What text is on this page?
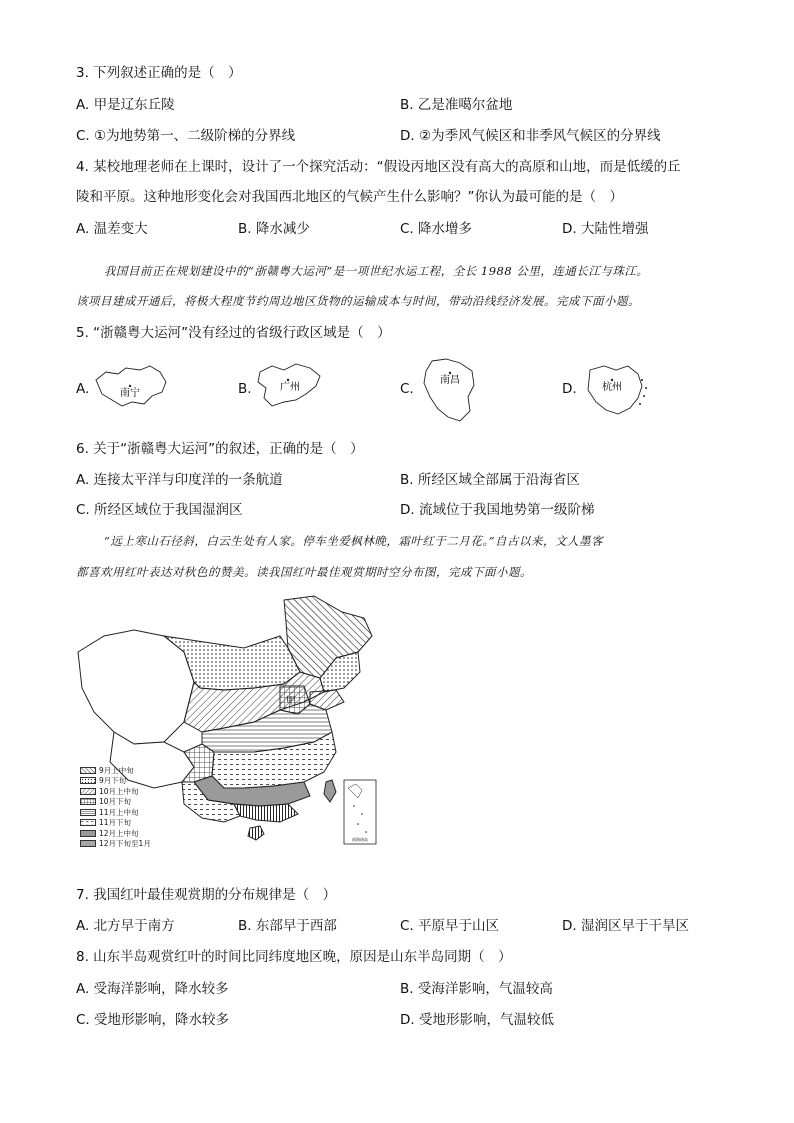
3. 下列叙述正确的是（　）
A. 甲是辽东丘陵	B. 乙是准噶尔盆地
C. ①为地势第一、二级阶梯的分界线	D. ②为季风气候区和非季风气候区的分界线
4. 某校地理老师在上课时，设计了一个探究活动：“假设丙地区没有高大的高原和山地，而是低缓的丘
陵和平原。这种地形变化会对我国西北地区的气候产生什么影响？”你认为最可能的是（　）
A. 温差变大	B. 降水减少	C. 降水增多	D. 大陆性增强
我国目前正在规划建设中的“浙赣粤大运河”是一项世纪水运工程，全长 1988 公里，连通长江与珠江。
该项目建成开通后，将极大程度节约周边地区货物的运输成本与时间，带动沿线经济发展。完成下面小题。
5. “浙赣粤大运河”没有经过的省级行政区域是（　）
A.	南宁	B.	广州	C.
南昌
D.	杭州
6. 关于“浙赣粤大运河”的叙述，正确的是（　）
A. 连接太平洋与印度洋的一条航道	B. 所经区域全部属于沿海省区
C. 所经区域位于我国湿润区	D. 流域位于我国地势第一级阶梯
“远上寒山石径斜，白云生处有人家。停车坐爱枫林晚，霜叶红于二月花。”自古以来，文人墨客
都喜欢用红叶表达对秋色的赞美。读我国红叶最佳观赏期时空分布图，完成下面小题。
甲
南海诸岛
9月上中旬
9月下旬
10月上中旬
10月下旬
11月上中旬
11月下旬
12月上中旬
12月下旬至1月
7. 我国红叶最佳观赏期的分布规律是（　）
A. 北方早于南方	B. 东部早于西部	C. 平原早于山区	D. 湿润区早于干旱区
8. 山东半岛观赏红叶的时间比同纬度地区晚，原因是山东半岛同期（　）
A. 受海洋影响，降水较多	B. 受海洋影响，气温较高
C. 受地形影响，降水较多	D. 受地形影响，气温较低
